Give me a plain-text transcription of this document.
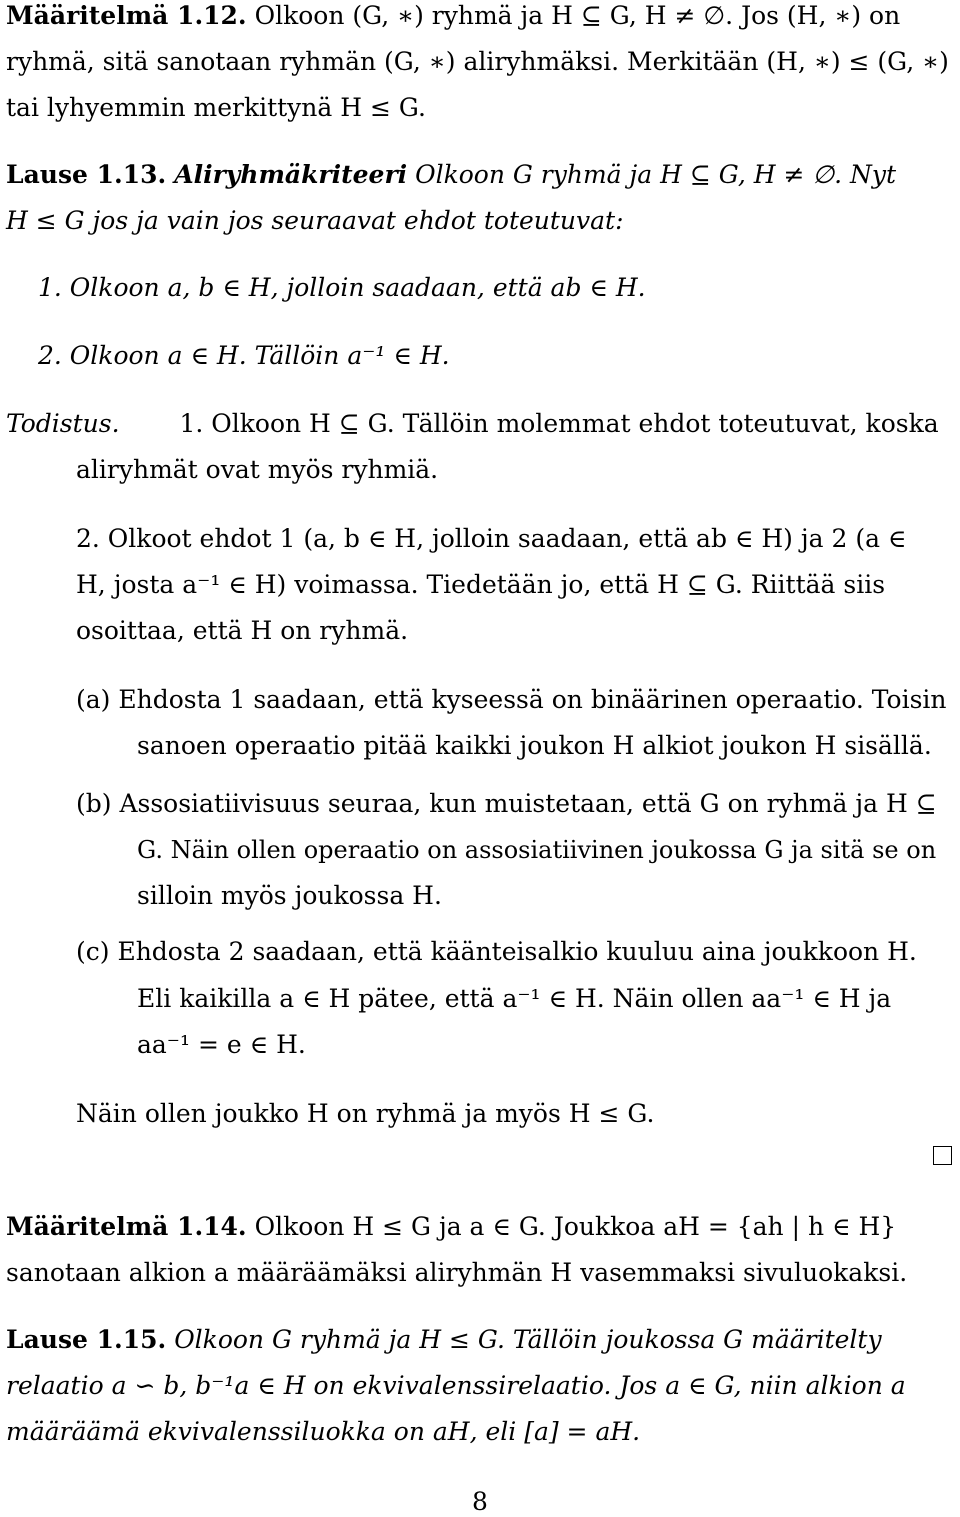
Määritelmä 1.12. Olkoon (G, ∗) ryhmä ja H ⊆ G, H ≠ ∅. Jos (H, ∗) on
ryhmä, sitä sanotaan ryhmän (G, ∗) aliryhmäksi. Merkitään (H, ∗) ≤ (G, ∗)
tai lyhyemmin merkittynä H ≤ G.
Lause 1.13. Aliryhmäkriteeri Olkoon G ryhmä ja H ⊆ G, H ≠ ∅. Nyt
H ≤ G jos ja vain jos seuraavat ehdot toteutuvat:
1. Olkoon a, b ∈ H, jolloin saadaan, että ab ∈ H.
2. Olkoon a ∈ H. Tällöin a⁻¹ ∈ H.
Todistus. 1. Olkoon H ⊆ G. Tällöin molemmat ehdot toteutuvat, koska
aliryhmät ovat myös ryhmiä.
2. Olkoot ehdot 1 (a, b ∈ H, jolloin saadaan, että ab ∈ H) ja 2 (a ∈
H, josta a⁻¹ ∈ H) voimassa. Tiedetään jo, että H ⊆ G. Riittää siis
osoittaa, että H on ryhmä.
(a) Ehdosta 1 saadaan, että kyseessä on binäärinen operaatio. Toisin
sanoen operaatio pitää kaikki joukon H alkiot joukon H sisällä.
(b) Assosiatiivisuus seuraa, kun muistetaan, että G on ryhmä ja H ⊆
G. Näin ollen operaatio on assosiatiivinen joukossa G ja sitä se on
silloin myös joukossa H.
(c) Ehdosta 2 saadaan, että käänteisalkio kuuluu aina joukkoon H.
Eli kaikilla a ∈ H pätee, että a⁻¹ ∈ H. Näin ollen aa⁻¹ ∈ H ja
aa⁻¹ = e ∈ H.
Näin ollen joukko H on ryhmä ja myös H ≤ G.
Määritelmä 1.14. Olkoon H ≤ G ja a ∈ G. Joukkoa aH = {ah | h ∈ H}
sanotaan alkion a määräämäksi aliryhmän H vasemmaksi sivuluokaksi.
Lause 1.15. Olkoon G ryhmä ja H ≤ G. Tällöin joukossa G määritelty
relaatio a ∽ b, b⁻¹a ∈ H on ekvivalenssirelaatio. Jos a ∈ G, niin alkion a
määräämä ekvivalenssiluokka on aH, eli [a] = aH.
8
